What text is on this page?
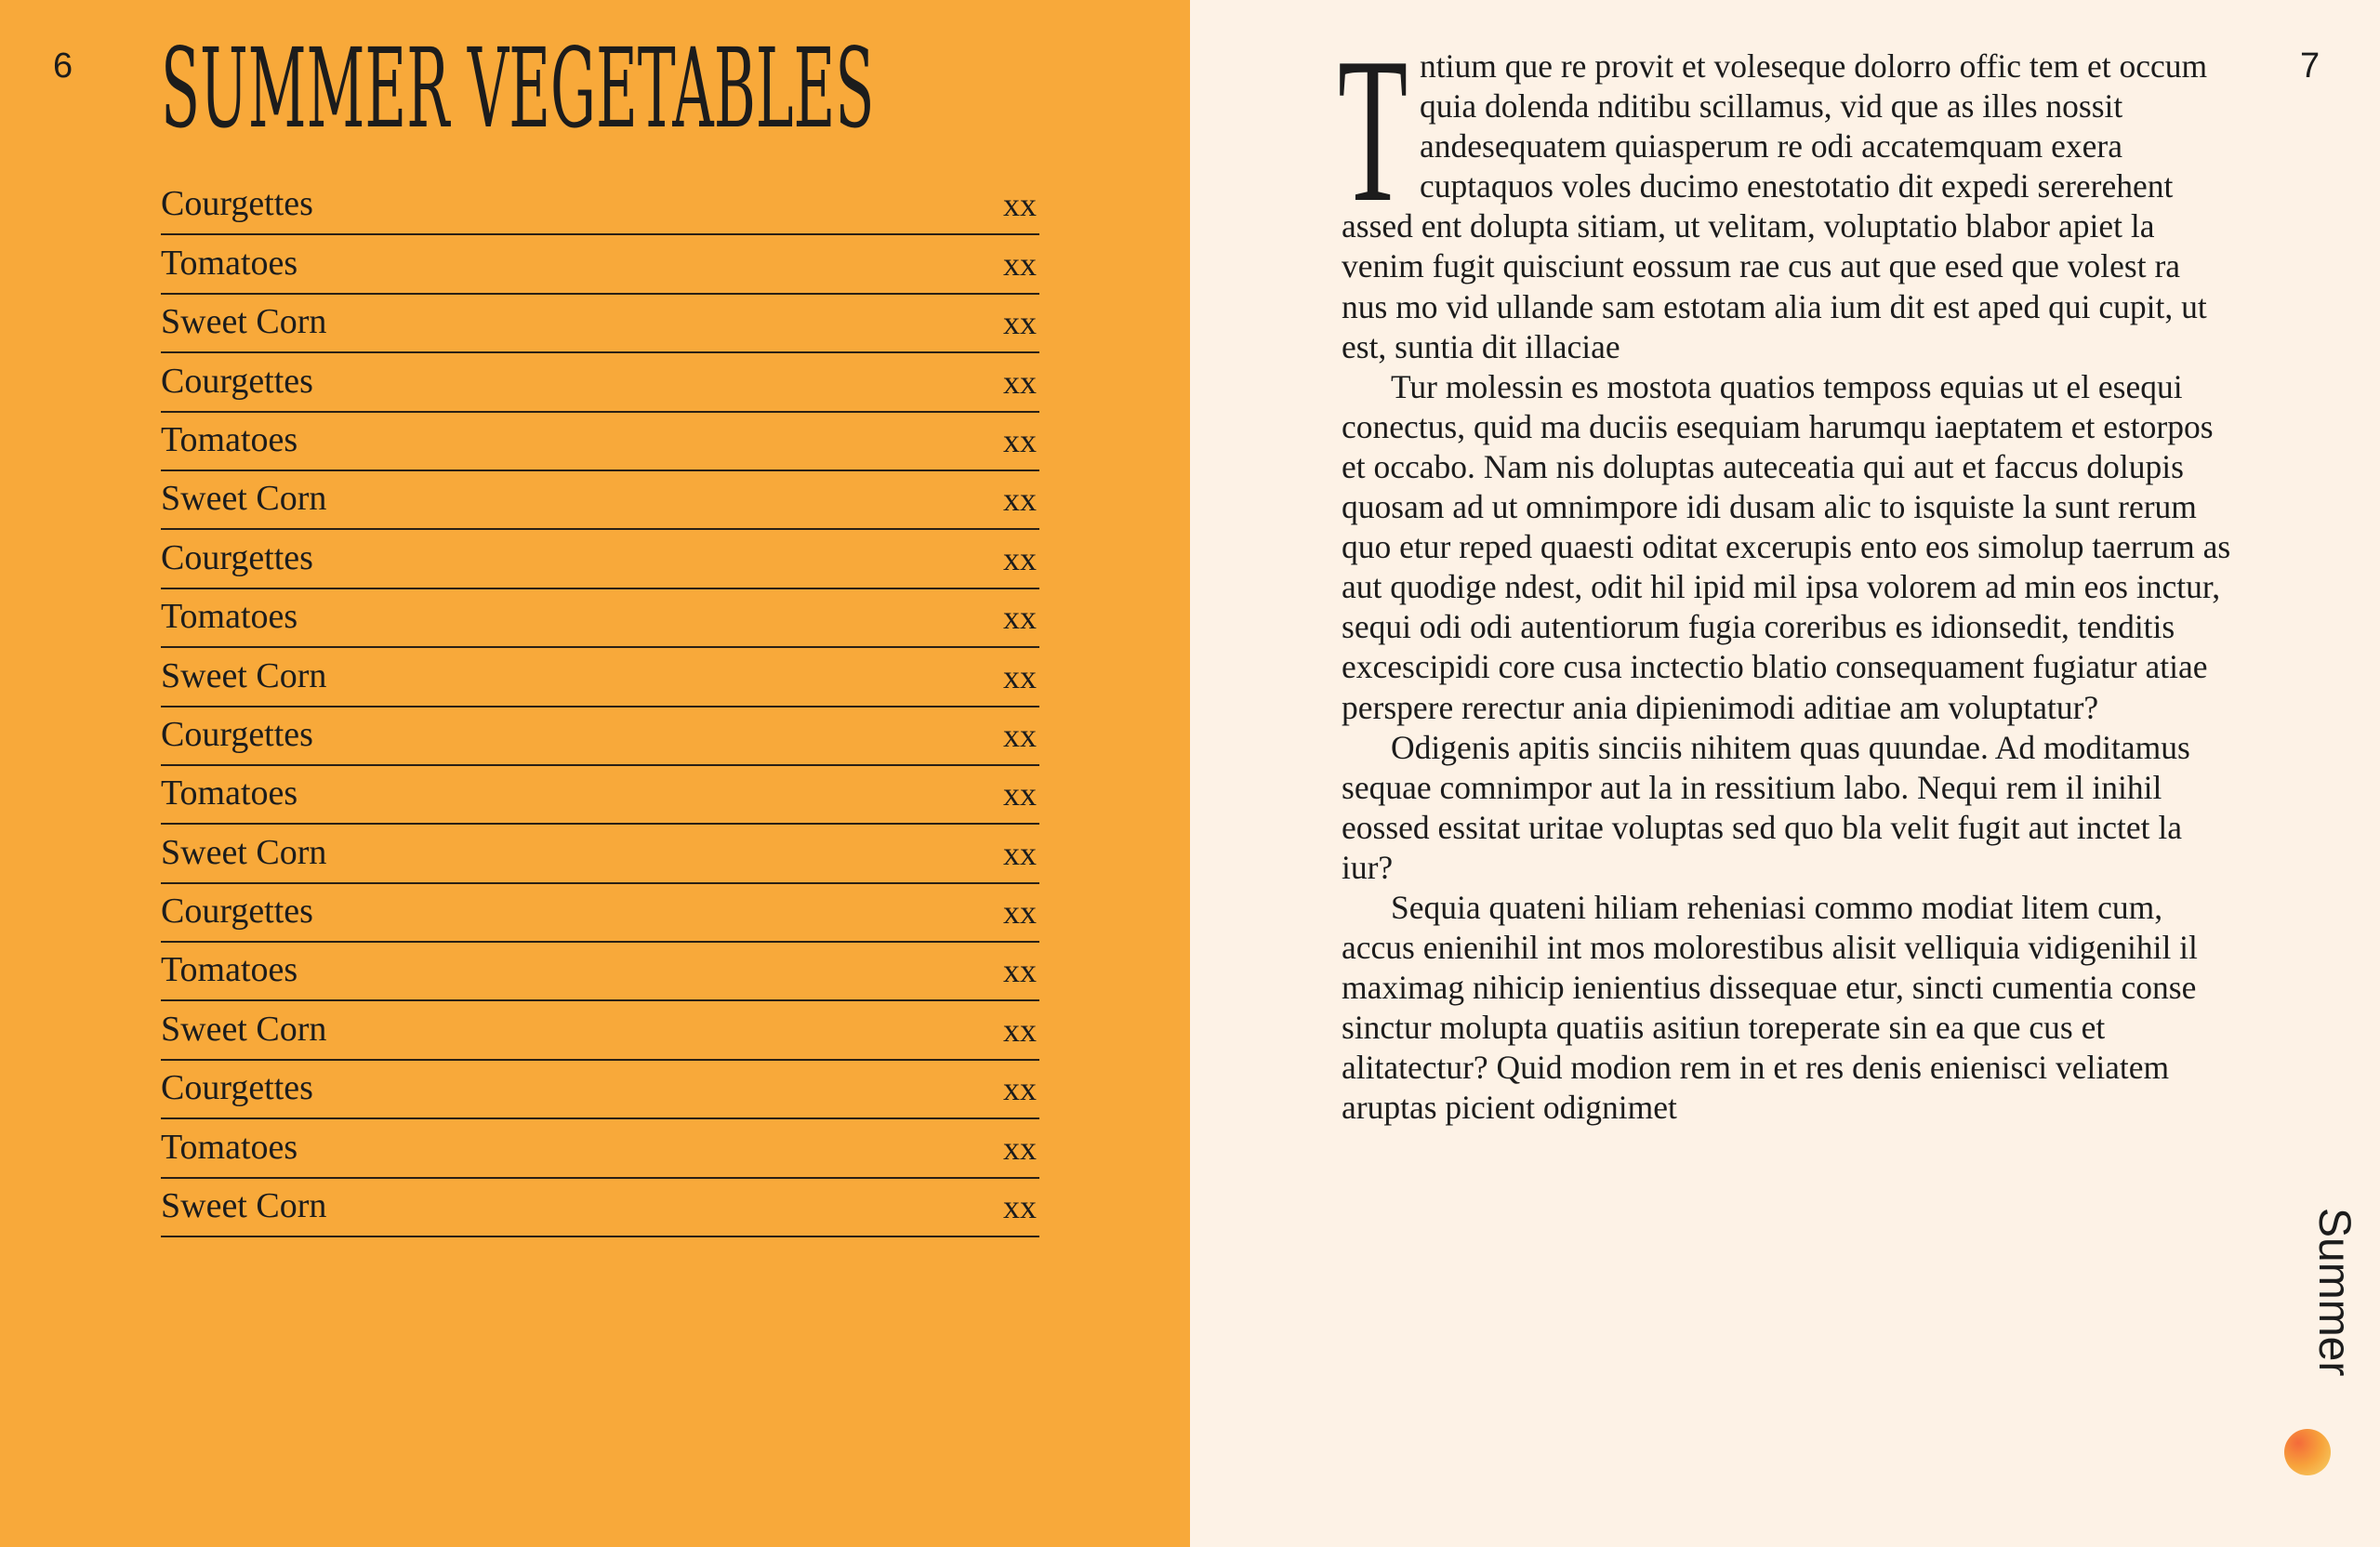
6 SUMMER VEGETABLES
Courgettes	xx
Tomatoes	xx
Sweet Corn	xx
Courgettes	xx
Tomatoes	xx
Sweet Corn	xx
Courgettes	xx
Tomatoes	xx
Sweet Corn	xx
Courgettes	xx
Tomatoes	xx
Sweet Corn	xx
Courgettes	xx
Tomatoes	xx
Sweet Corn	xx
Courgettes	xx
Tomatoes	xx
Sweet Corn	xx

Tntium que re provit et voleseque dolorro offic tem et occum quia dolenda nditibu scillamus, vid que as illes nossit andesequatem quiasperum re odi accatemquam exera cuptaquos voles ducimo enestotatio dit expedi sererehent assed ent dolupta sitiam, ut velitam, voluptatio blabor apiet la venim fugit quisciunt eossum rae cus aut que esed que volest ra nus mo vid ullande sam estotam alia ium dit est aped qui cupit, ut est, suntia dit illaciae

Tur molessin es mostota quatios temposs equias ut el esequi conectus, quid ma duciis esequiam harumqu iaeptatem et estorpos et occabo. Nam nis doluptas auteceatia qui aut et faccus dolupis quosam ad ut omnimpore idi dusam alic to isquiste la sunt rerum quo etur reped quaesti oditat excerupis ento eos simolup taerrum as aut quodige ndest, odit hil ipid mil ipsa volorem ad min eos inctur, sequi odi odi autentiorum fugia coreribus es idionsedit, tenditis excescipidi core cusa inctectio blatio consequament fugiatur atiae perspere rerectur ania dipienimodi aditiae am voluptatur?

Odigenis apitis sinciis nihitem quas quundae. Ad moditamus sequae comnimpor aut la in ressitium labo. Nequi rem il inihil eossed essitat uritae voluptas sed quo bla velit fugit aut inctet la iur?

Sequia quateni hiliam reheniasi commo modiat litem cum, accus enienihil int mos molorestibus alisit velliquia vidigenihil il maximag nihicip ienientius dissequae etur, sincti cumentia conse sinctur molupta quatiis asitiun toreperate sin ea que cus et alitatectur? Quid modion rem in et res denis enienisci veliatem aruptas picient odignimet

7
Summer
